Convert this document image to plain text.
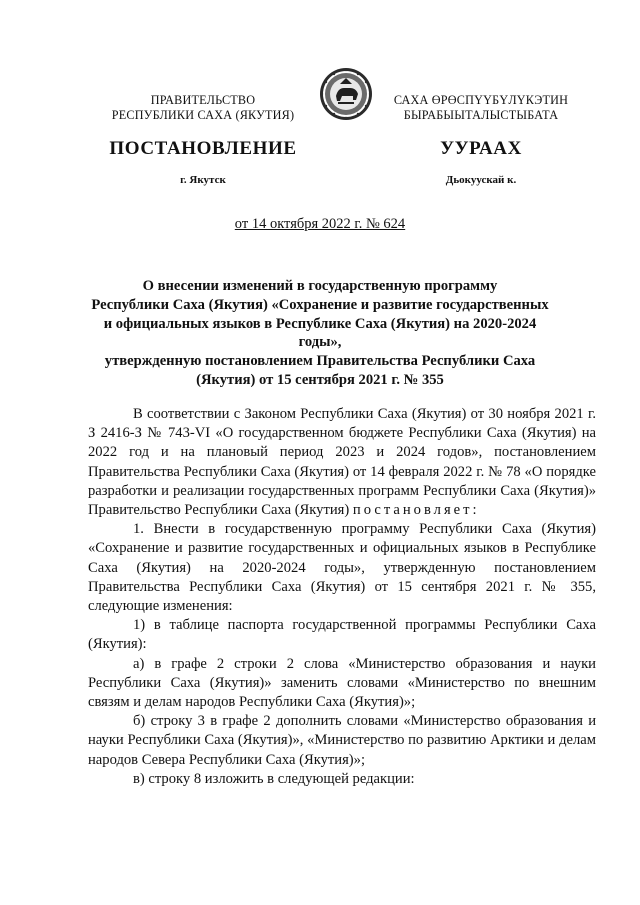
ПРАВИТЕЛЬСТВО
РЕСПУБЛИКИ САХА (ЯКУТИЯ)
САХА ӨРӨСПҮҮБҮЛҮКЭТИН
БЫРАБЫЫТАЛЫСТЫБАТА
ПОСТАНОВЛЕНИЕ	УУРААХ
г. Якутск	Дьокуускай к.
от 14 октября 2022 г. № 624
О внесении изменений в государственную программу
Республики Саха (Якутия) «Сохранение и развитие государственных
и официальных языков в Республике Саха (Якутия) на 2020-2024 годы»,
утвержденную постановлением Правительства Республики Саха
(Якутия) от 15 сентября 2021 г. № 355

В соответствии с Законом Республики Саха (Якутия) от 30 ноября 2021 г. З 2416-З № 743-VI «О государственном бюджете Республики Саха (Якутия) на 2022 год и на плановый период 2023 и 2024 годов», постановлением Правительства Республики Саха (Якутия) от 14 февраля 2022 г. № 78 «О порядке разработки и реализации государственных программ Республики Саха (Якутия)» Правительство Республики Саха (Якутия) постановляет:

1. Внести в государственную программу Республики Саха (Якутия) «Сохранение и развитие государственных и официальных языков в Республике Саха (Якутия) на 2020-2024 годы», утвержденную постановлением Правительства Республики Саха (Якутия) от 15 сентября 2021 г. № 355, следующие изменения:

1) в таблице паспорта государственной программы Республики Саха (Якутия):

а) в графе 2 строки 2 слова «Министерство образования и науки Республики Саха (Якутия)» заменить словами «Министерство по внешним связям и делам народов Республики Саха (Якутия)»;

б) строку 3 в графе 2 дополнить словами «Министерство образования и науки Республики Саха (Якутия)», «Министерство по развитию Арктики и делам народов Севера Республики Саха (Якутия)»;

в) строку 8 изложить в следующей редакции:
